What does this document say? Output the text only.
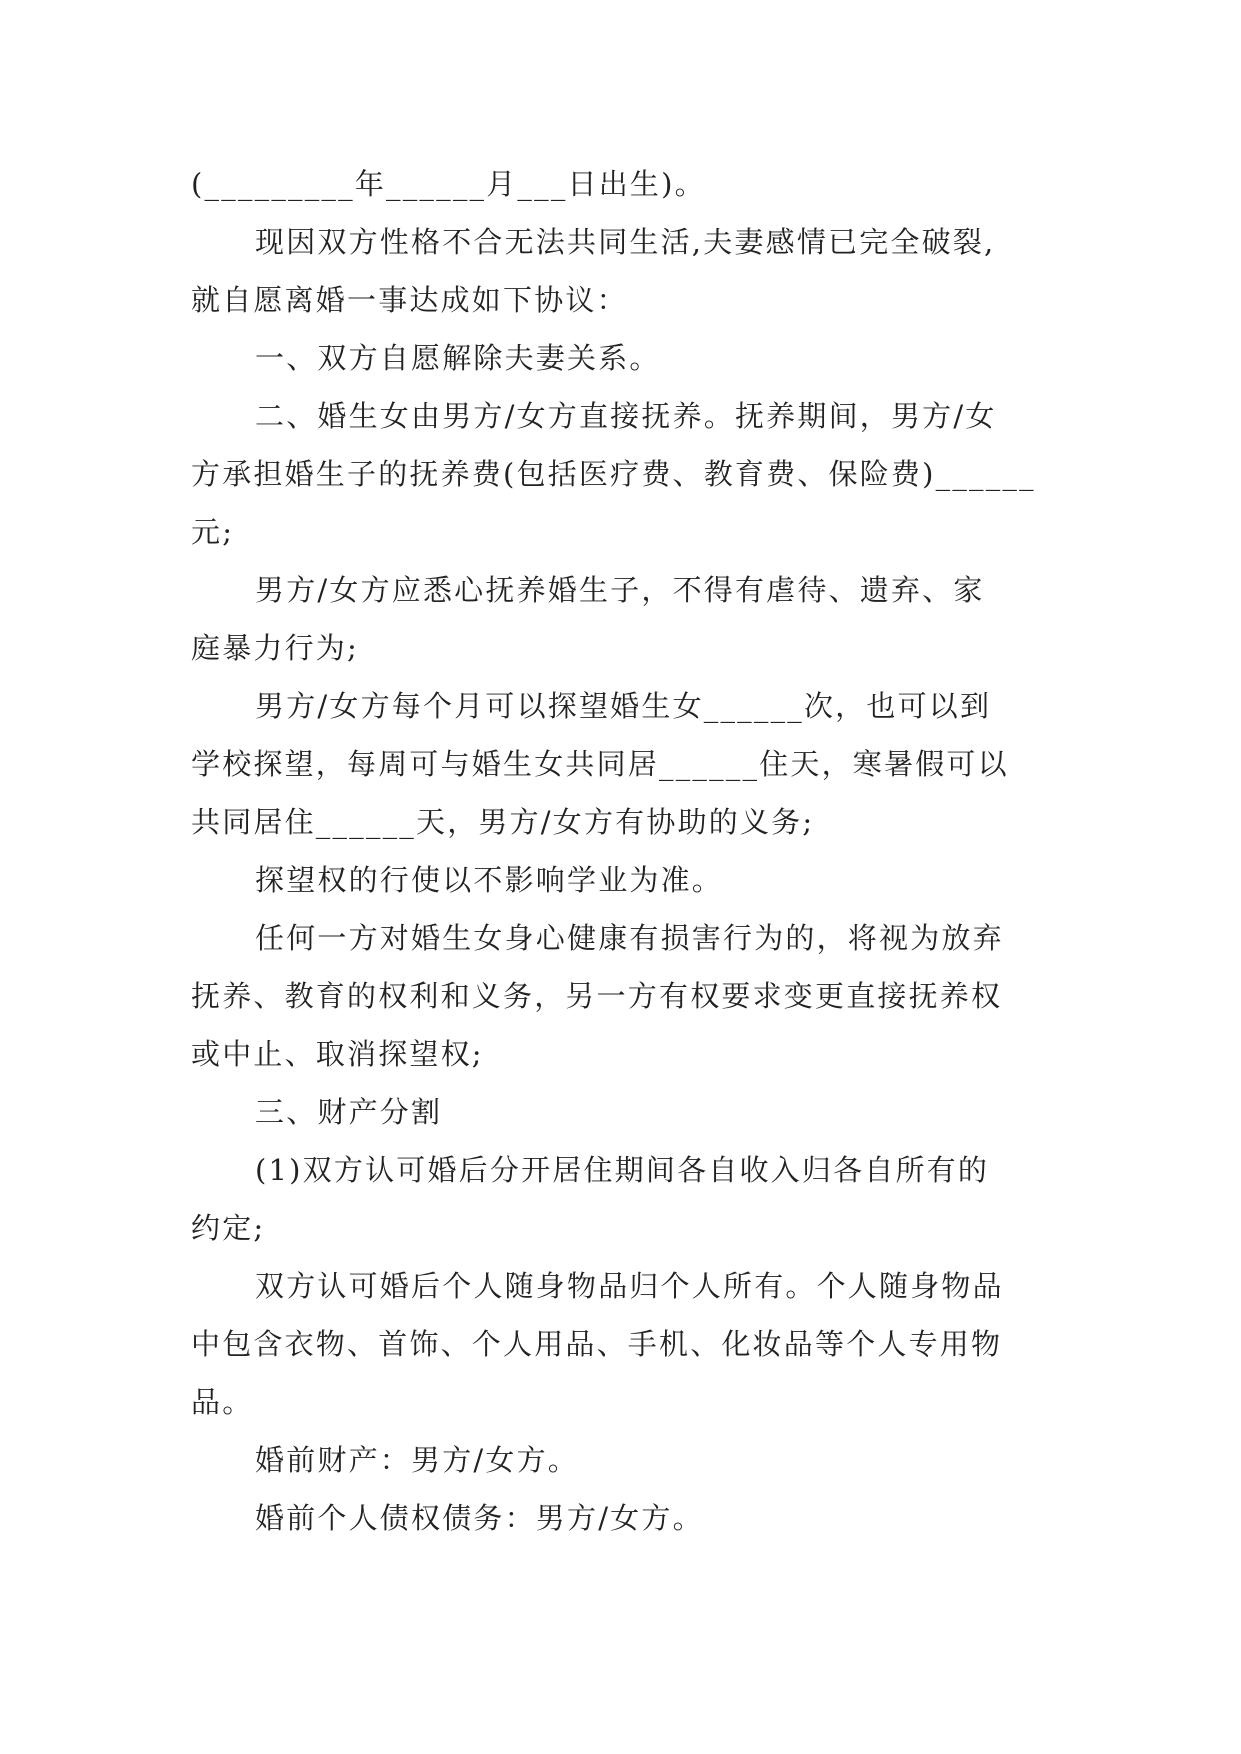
(_________年______月___日出生)。

现因双方性格不合无法共同生活,夫妻感情已完全破裂,
就自愿离婚一事达成如下协议：

一、双方自愿解除夫妻关系。

二、婚生女由男方/女方直接抚养。抚养期间，男方/女
方承担婚生子的抚养费(包括医疗费、教育费、保险费)______
元;

男方/女方应悉心抚养婚生子，不得有虐待、遗弃、家
庭暴力行为;

男方/女方每个月可以探望婚生女______次，也可以到
学校探望，每周可与婚生女共同居______住天，寒暑假可以
共同居住______天，男方/女方有协助的义务;

探望权的行使以不影响学业为准。

任何一方对婚生女身心健康有损害行为的，将视为放弃
抚养、教育的权利和义务，另一方有权要求变更直接抚养权
或中止、取消探望权;

三、财产分割

(1)双方认可婚后分开居住期间各自收入归各自所有的
约定;

双方认可婚后个人随身物品归个人所有。个人随身物品
中包含衣物、首饰、个人用品、手机、化妆品等个人专用物
品。

婚前财产：男方/女方。

婚前个人债权债务：男方/女方。
